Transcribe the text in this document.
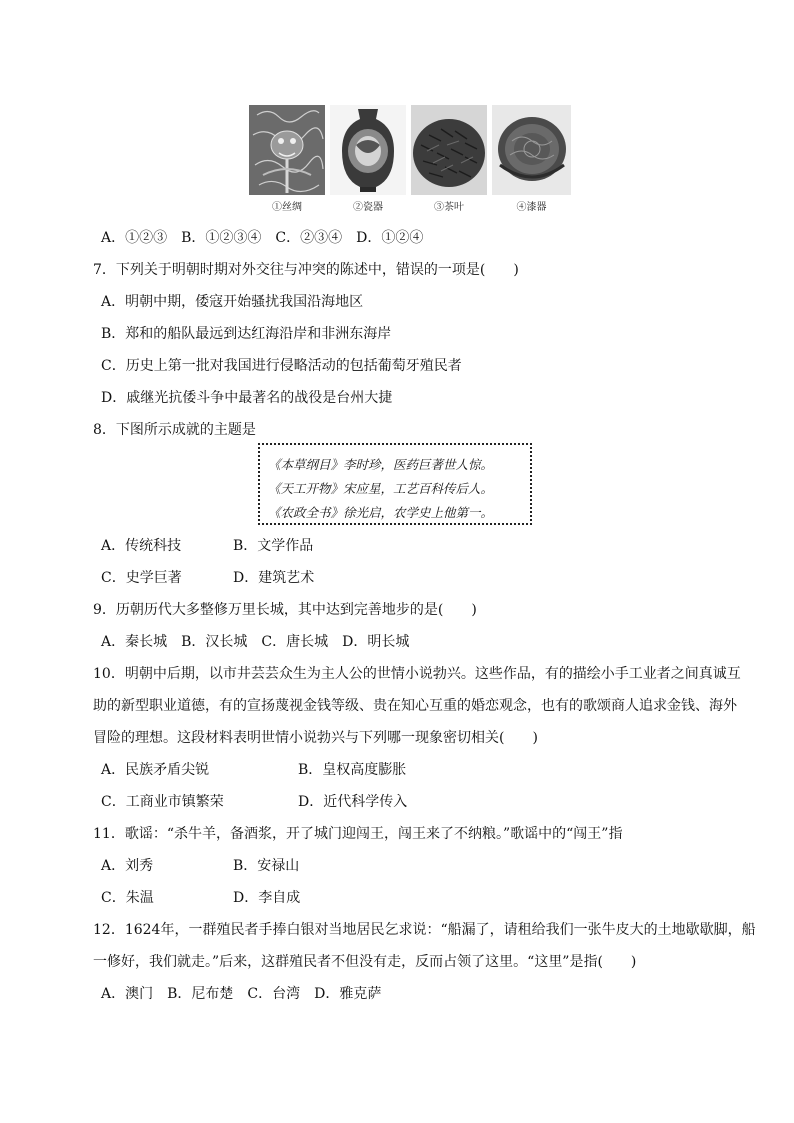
①丝绸	②瓷器	③茶叶	④漆器
A．①②③　B．①②③④　C．②③④　D．①②④
7．下列关于明朝时期对外交往与冲突的陈述中，错误的一项是(　　)
A．明朝中期，倭寇开始骚扰我国沿海地区
B．郑和的船队最远到达红海沿岸和非洲东海岸
C．历史上第一批对我国进行侵略活动的包括葡萄牙殖民者
D．戚继光抗倭斗争中最著名的战役是台州大捷
8．下图所示成就的主题是
《本草纲目》李时珍，医药巨著世人惊。
《天工开物》宋应星，工艺百科传后人。
《农政全书》徐光启，农学史上他第一。
A．传统科技	B．文学作品
C．史学巨著	D．建筑艺术
9．历朝历代大多整修万里长城，其中达到完善地步的是(　　)
A．秦长城　B．汉长城　C．唐长城　D．明长城
10．明朝中后期，以市井芸芸众生为主人公的世情小说勃兴。这些作品，有的描绘小手工业者之间真诚互
助的新型职业道德，有的宣扬蔑视金钱等级、贵在知心互重的婚恋观念，也有的歌颂商人追求金钱、海外
冒险的理想。这段材料表明世情小说勃兴与下列哪一现象密切相关(　　)
A．民族矛盾尖锐	B．皇权高度膨胀
C．工商业市镇繁荣	D．近代科学传入
11．歌谣：“杀牛羊，备酒浆，开了城门迎闯王，闯王来了不纳粮。”歌谣中的“闯王”指
A．刘秀	B．安禄山
C．朱温	D．李自成
12．1624年，一群殖民者手捧白银对当地居民乞求说：“船漏了，请租给我们一张牛皮大的土地歇歇脚，船
一修好，我们就走。”后来，这群殖民者不但没有走，反而占领了这里。“这里”是指(　　)
A．澳门　B．尼布楚　C．台湾　D．雅克萨
